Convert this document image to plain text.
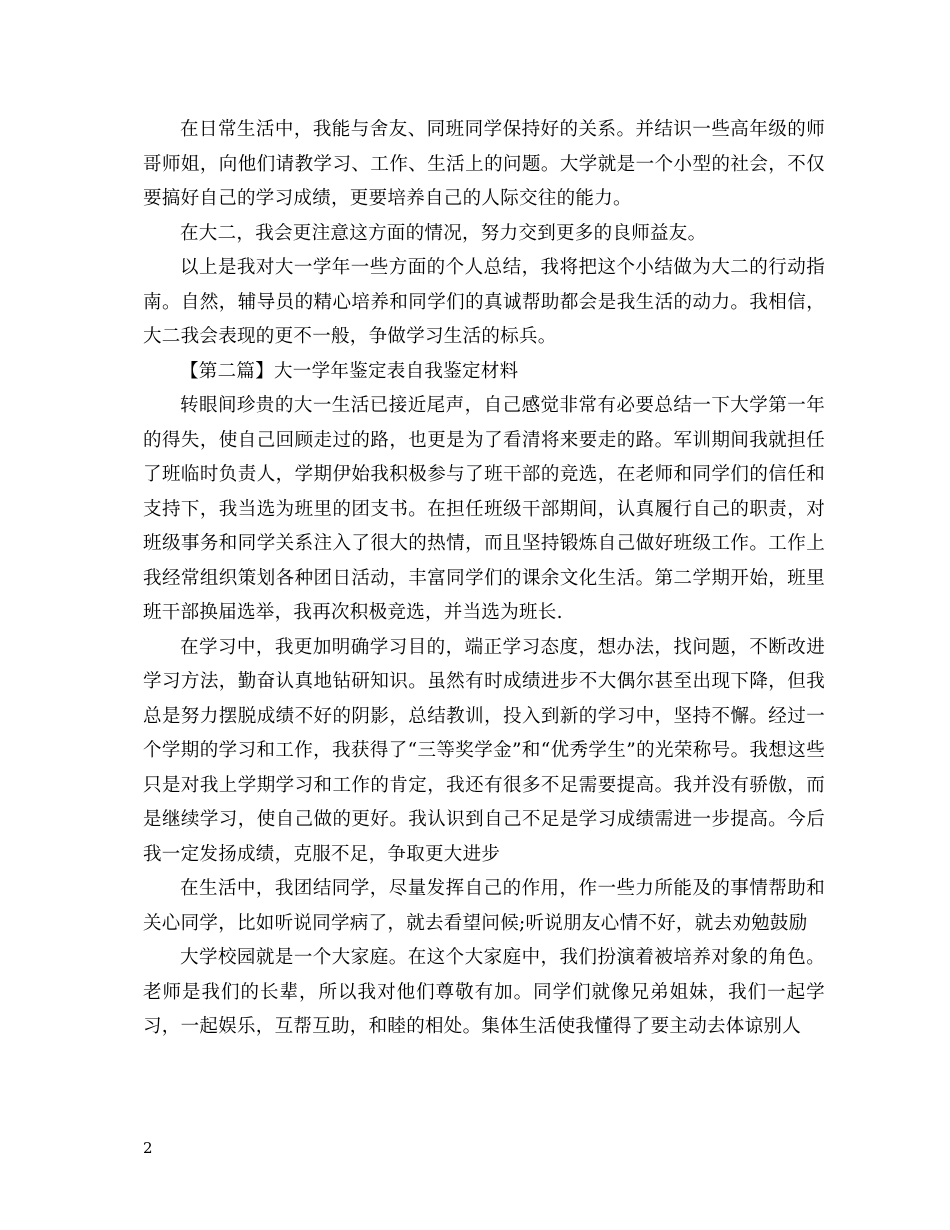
在日常生活中，我能与舍友、同班同学保持好的关系。并结识一些高年级的师哥师姐，向他们请教学习、工作、生活上的问题。大学就是一个小型的社会，不仅要搞好自己的学习成绩，更要培养自己的人际交往的能力。

在大二，我会更注意这方面的情况，努力交到更多的良师益友。

以上是我对大一学年一些方面的个人总结，我将把这个小结做为大二的行动指南。自然，辅导员的精心培养和同学们的真诚帮助都会是我生活的动力。我相信，大二我会表现的更不一般，争做学习生活的标兵。

【第二篇】大一学年鉴定表自我鉴定材料

转眼间珍贵的大一生活已接近尾声，自己感觉非常有必要总结一下大学第一年的得失，使自己回顾走过的路，也更是为了看清将来要走的路。军训期间我就担任了班临时负责人，学期伊始我积极参与了班干部的竞选，在老师和同学们的信任和支持下，我当选为班里的团支书。在担任班级干部期间，认真履行自己的职责，对班级事务和同学关系注入了很大的热情，而且坚持锻炼自己做好班级工作。工作上我经常组织策划各种团日活动，丰富同学们的课余文化生活。第二学期开始，班里班干部换届选举，我再次积极竞选，并当选为班长.

在学习中，我更加明确学习目的，端正学习态度，想办法，找问题，不断改进学习方法，勤奋认真地钻研知识。虽然有时成绩进步不大偶尔甚至出现下降，但我总是努力摆脱成绩不好的阴影，总结教训，投入到新的学习中，坚持不懈。经过一个学期的学习和工作，我获得了“三等奖学金”和“优秀学生”的光荣称号。我想这些只是对我上学期学习和工作的肯定，我还有很多不足需要提高。我并没有骄傲，而是继续学习，使自己做的更好。我认识到自己不足是学习成绩需进一步提高。今后我一定发扬成绩，克服不足，争取更大进步

在生活中，我团结同学，尽量发挥自己的作用，作一些力所能及的事情帮助和关心同学，比如听说同学病了，就去看望问候;听说朋友心情不好，就去劝勉鼓励

大学校园就是一个大家庭。在这个大家庭中，我们扮演着被培养对象的角色。老师是我们的长辈，所以我对他们尊敬有加。同学们就像兄弟姐妹，我们一起学习，一起娱乐，互帮互助，和睦的相处。集体生活使我懂得了要主动去体谅别人

2
